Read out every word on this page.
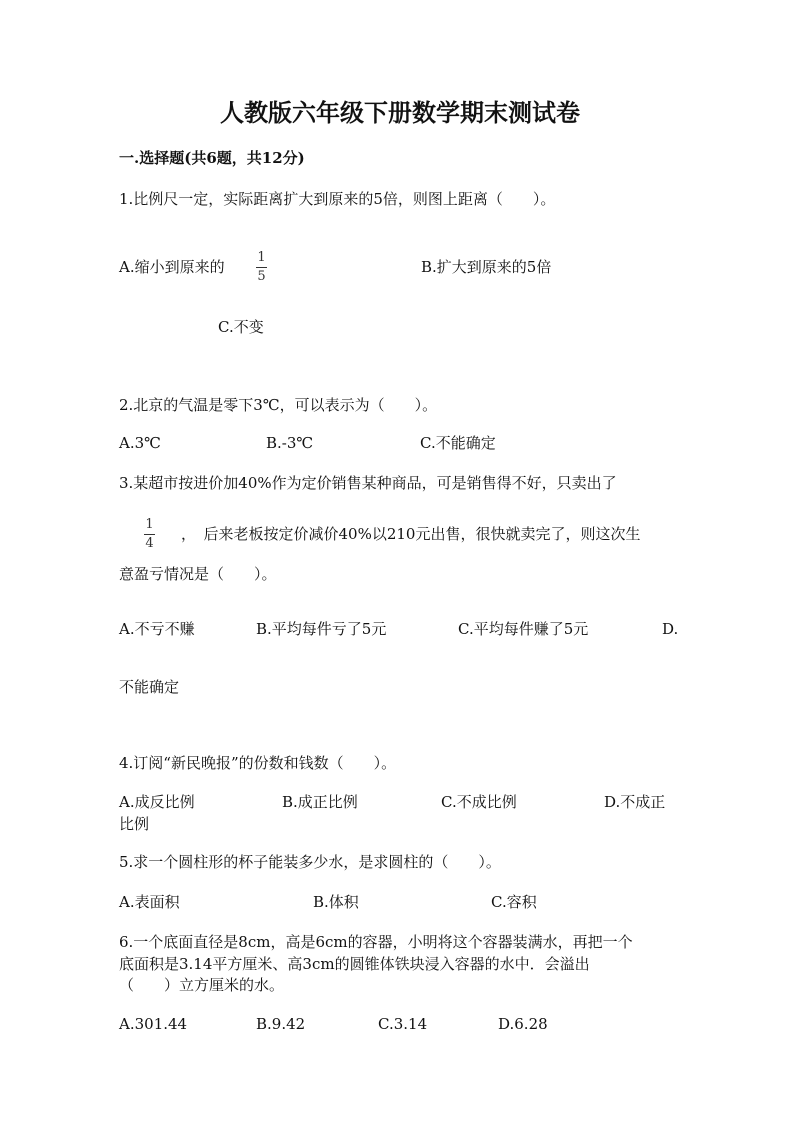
人教版六年级下册数学期末测试卷
一.选择题(共6题，共12分)
1.比例尺一定，实际距离扩大到原来的5倍，则图上距离（　　）。
A.缩小到原来的
1
5
B.扩大到原来的5倍
C.不变
2.北京的气温是零下3℃，可以表示为（　　）。
A.3℃	B.-3℃	C.不能确定
3.某超市按进价加40%作为定价销售某种商品，可是销售得不好，只卖出了
1
4
，　后来老板按定价减价40%以210元出售，很快就卖完了，则这次生
意盈亏情况是（　　）。
A.不亏不赚	B.平均每件亏了5元	C.平均每件赚了5元	D.
不能确定
4.订阅“新民晚报”的份数和钱数（　　）。
A.成反比例	B.成正比例	C.不成比例	D.不成正
比例
5.求一个圆柱形的杯子能装多少水，是求圆柱的（　　）。
A.表面积	B.体积	C.容积
6.一个底面直径是8cm，高是6cm的容器，小明将这个容器装满水，再把一个
底面积是3.14平方厘米、高3cm的圆锥体铁块浸入容器的水中．会溢出
（　　）立方厘米的水。
A.301.44	B.9.42	C.3.14	D.6.28
